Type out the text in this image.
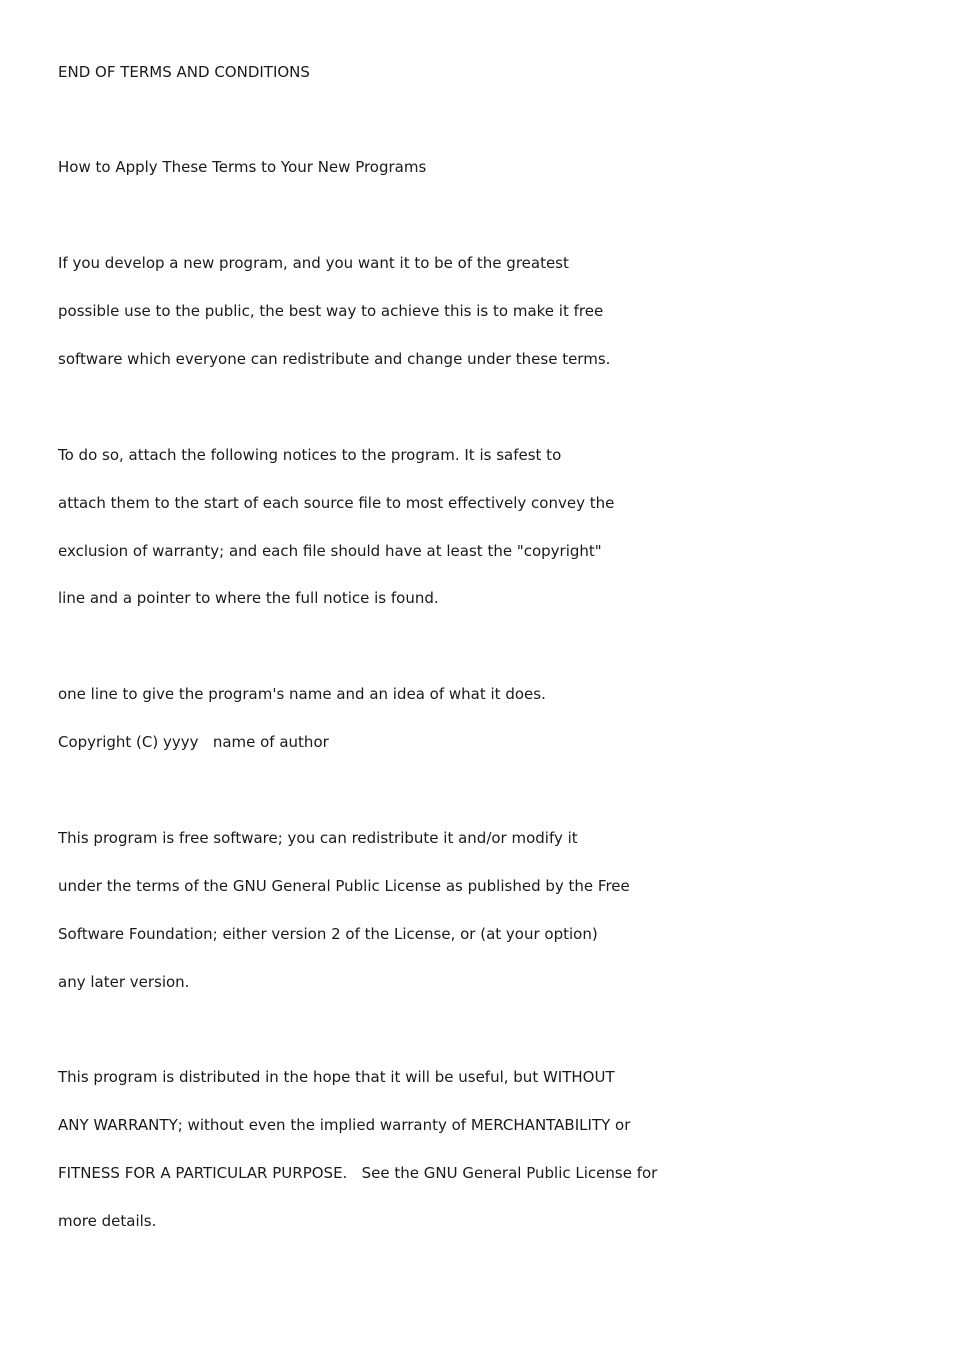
END OF TERMS AND CONDITIONS

How to Apply These Terms to Your New Programs

If you develop a new program, and you want it to be of the greatest

possible use to the public, the best way to achieve this is to make it free

software which everyone can redistribute and change under these terms.

To do so, attach the following notices to the program. It is safest to

attach them to the start of each source file to most effectively convey the

exclusion of warranty; and each file should have at least the "copyright"

line and a pointer to where the full notice is found.

one line to give the program's name and an idea of what it does.

Copyright (C) yyyy   name of author

This program is free software; you can redistribute it and/or modify it

under the terms of the GNU General Public License as published by the Free

Software Foundation; either version 2 of the License, or (at your option)

any later version.

This program is distributed in the hope that it will be useful, but WITHOUT

ANY WARRANTY; without even the implied warranty of MERCHANTABILITY or

FITNESS FOR A PARTICULAR PURPOSE.   See the GNU General Public License for

more details.
